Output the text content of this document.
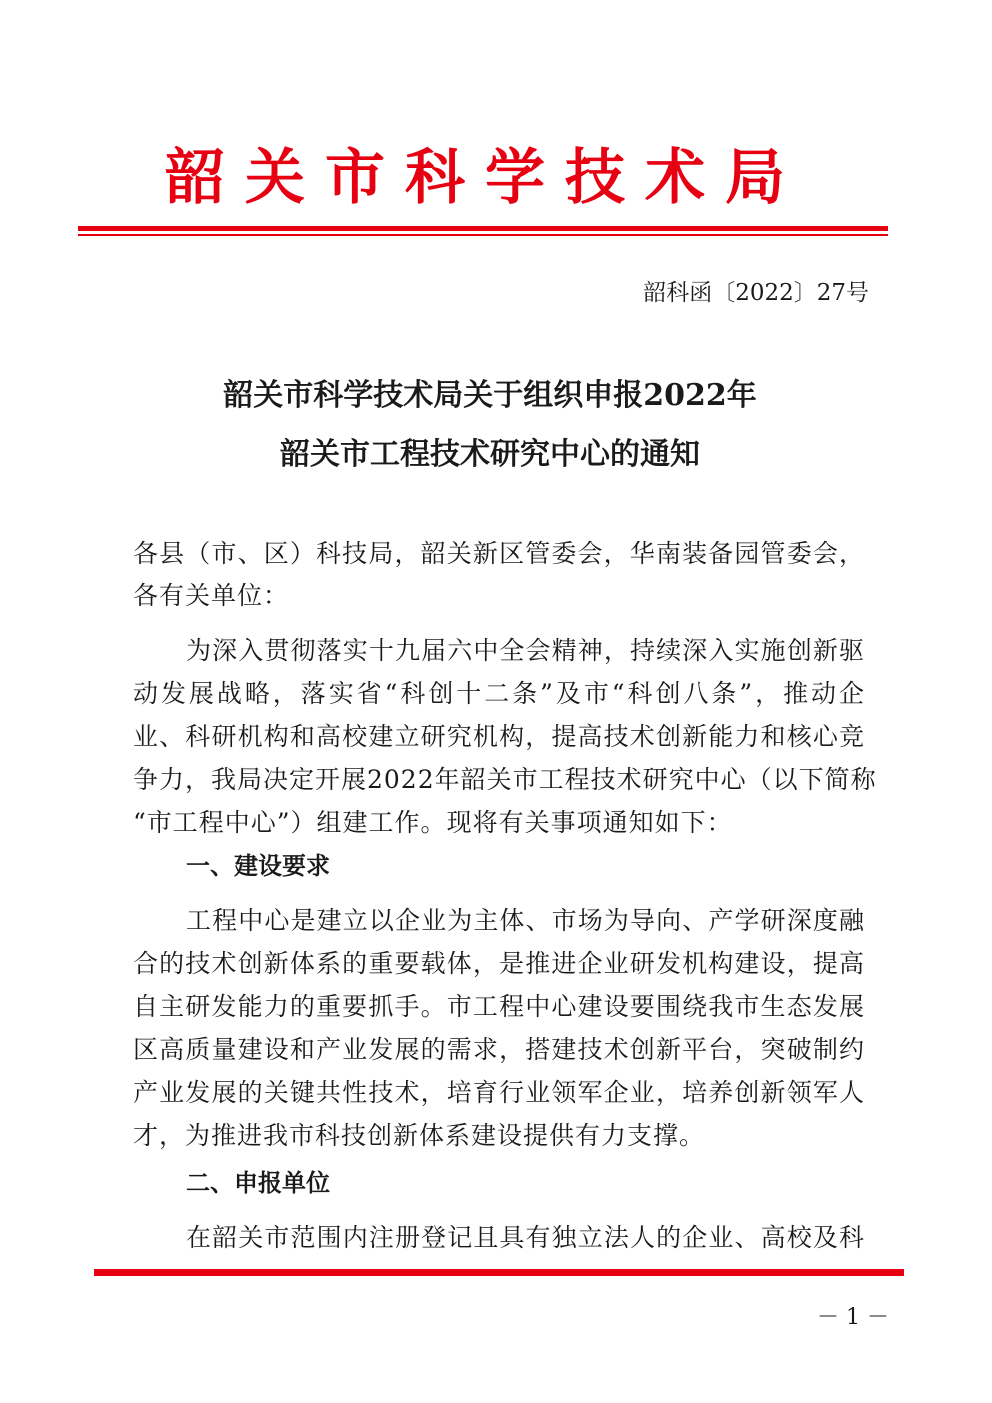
韶关市科学技术局
韶科函〔2022〕27号
韶关市科学技术局关于组织申报2022年
韶关市工程技术研究中心的通知
各县（市、区）科技局，韶关新区管委会，华南装备园管委会，
各有关单位：
为深入贯彻落实十九届六中全会精神，持续深入实施创新驱
动发展战略，落实省“科创十二条”及市“科创八条”，推动企
业、科研机构和高校建立研究机构，提高技术创新能力和核心竞
争力，我局决定开展2022年韶关市工程技术研究中心（以下简称
“市工程中心”）组建工作。现将有关事项通知如下：
一、建设要求
工程中心是建立以企业为主体、市场为导向、产学研深度融
合的技术创新体系的重要载体，是推进企业研发机构建设，提高
自主研发能力的重要抓手。市工程中心建设要围绕我市生态发展
区高质量建设和产业发展的需求，搭建技术创新平台，突破制约
产业发展的关键共性技术，培育行业领军企业，培养创新领军人
才，为推进我市科技创新体系建设提供有力支撑。
二、申报单位
在韶关市范围内注册登记且具有独立法人的企业、高校及科
－ 1 －
